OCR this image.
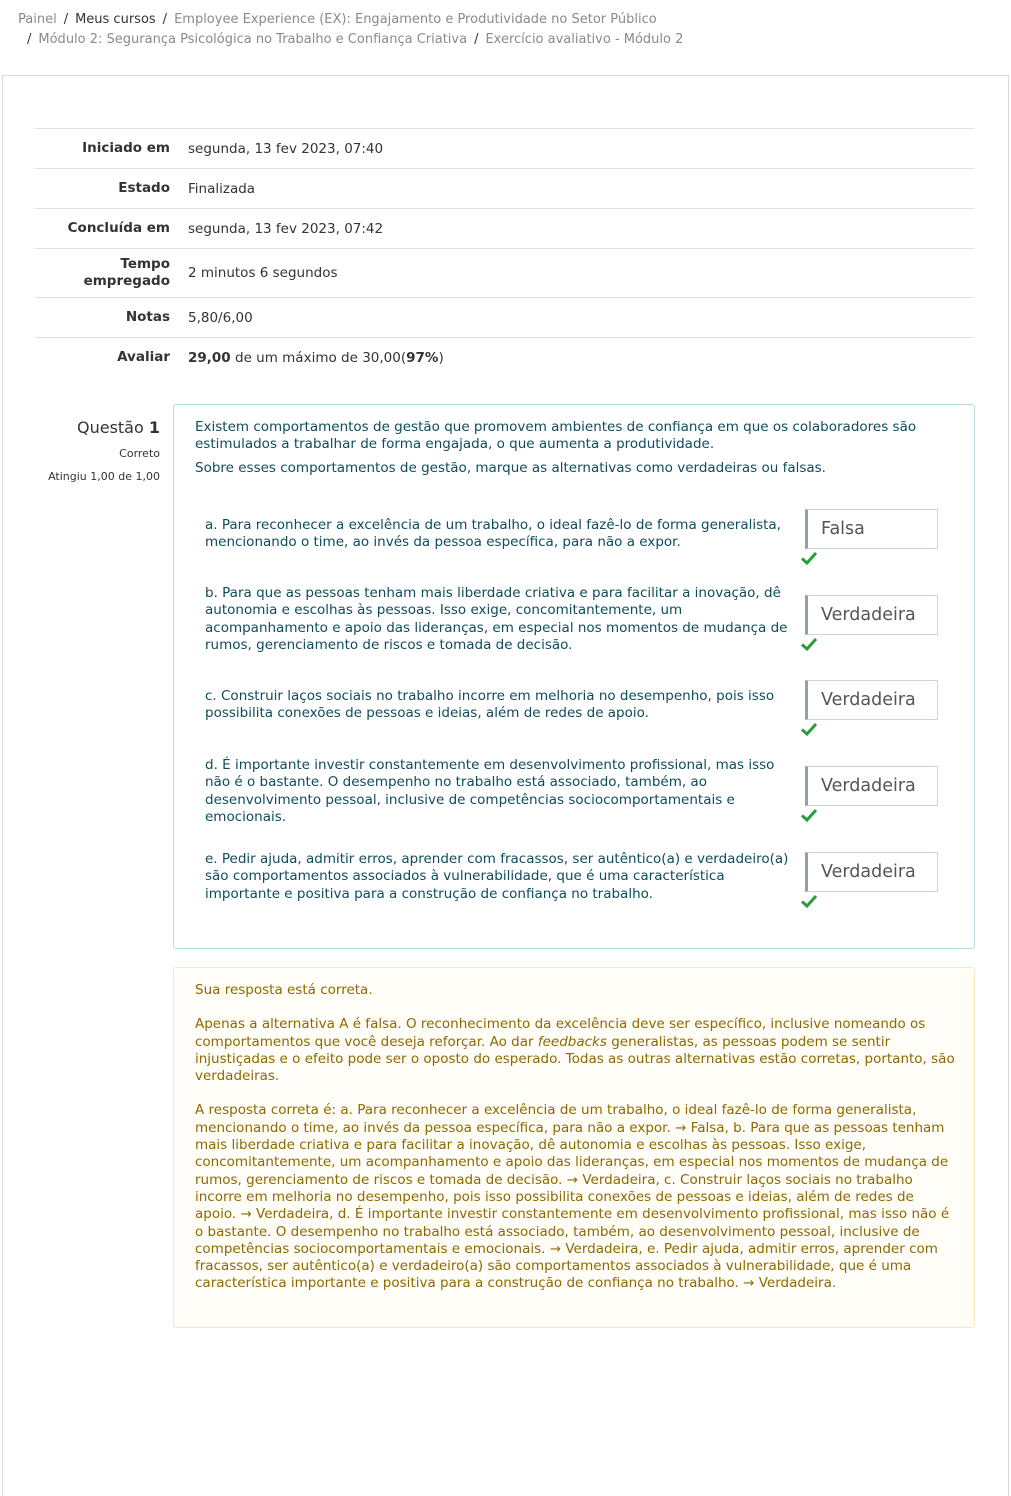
Painel / Meus cursos / Employee Experience (EX): Engajamento e Produtividade no Setor Público
/ Módulo 2: Segurança Psicológica no Trabalho e Confiança Criativa / Exercício avaliativo - Módulo 2
Iniciado em	segunda, 13 fev 2023, 07:40
Estado	Finalizada
Concluída em	segunda, 13 fev 2023, 07:42
Tempo empregado	2 minutos 6 segundos
Notas	5,80/6,00
Avaliar	29,00 de um máximo de 30,00(97%)
Questão 1
Correto
Atingiu 1,00 de 1,00

Existem comportamentos de gestão que promovem ambientes de confiança em que os colaboradores são estimulados a trabalhar de forma engajada, o que aumenta a produtividade.

Sobre esses comportamentos de gestão, marque as alternativas como verdadeiras ou falsas.

a. Para reconhecer a excelência de um trabalho, o ideal fazê-lo de forma generalista, mencionando o time, ao invés da pessoa específica, para não a expor.
Falsa
b. Para que as pessoas tenham mais liberdade criativa e para facilitar a inovação, dê autonomia e escolhas às pessoas. Isso exige, concomitantemente, um acompanhamento e apoio das lideranças, em especial nos momentos de mudança de rumos, gerenciamento de riscos e tomada de decisão.
Verdadeira
c. Construir laços sociais no trabalho incorre em melhoria no desempenho, pois isso possibilita conexões de pessoas e ideias, além de redes de apoio.
Verdadeira
d. É importante investir constantemente em desenvolvimento profissional, mas isso não é o bastante. O desempenho no trabalho está associado, também, ao desenvolvimento pessoal, inclusive de competências sociocomportamentais e emocionais.
Verdadeira
e. Pedir ajuda, admitir erros, aprender com fracassos, ser autêntico(a) e verdadeiro(a) são comportamentos associados à vulnerabilidade, que é uma característica importante e positiva para a construção de confiança no trabalho.
Verdadeira

Sua resposta está correta.

Apenas a alternativa A é falsa. O reconhecimento da excelência deve ser específico, inclusive nomeando os comportamentos que você deseja reforçar. Ao dar feedbacks generalistas, as pessoas podem se sentir injustiçadas e o efeito pode ser o oposto do esperado. Todas as outras alternativas estão corretas, portanto, são verdadeiras.

A resposta correta é: a. Para reconhecer a excelência de um trabalho, o ideal fazê-lo de forma generalista, mencionando o time, ao invés da pessoa específica, para não a expor. → Falsa, b. Para que as pessoas tenham mais liberdade criativa e para facilitar a inovação, dê autonomia e escolhas às pessoas. Isso exige, concomitantemente, um acompanhamento e apoio das lideranças, em especial nos momentos de mudança de rumos, gerenciamento de riscos e tomada de decisão. → Verdadeira, c. Construir laços sociais no trabalho incorre em melhoria no desempenho, pois isso possibilita conexões de pessoas e ideias, além de redes de apoio. → Verdadeira, d. É importante investir constantemente em desenvolvimento profissional, mas isso não é o bastante. O desempenho no trabalho está associado, também, ao desenvolvimento pessoal, inclusive de competências sociocomportamentais e emocionais. → Verdadeira, e. Pedir ajuda, admitir erros, aprender com fracassos, ser autêntico(a) e verdadeiro(a) são comportamentos associados à vulnerabilidade, que é uma característica importante e positiva para a construção de confiança no trabalho. → Verdadeira.
